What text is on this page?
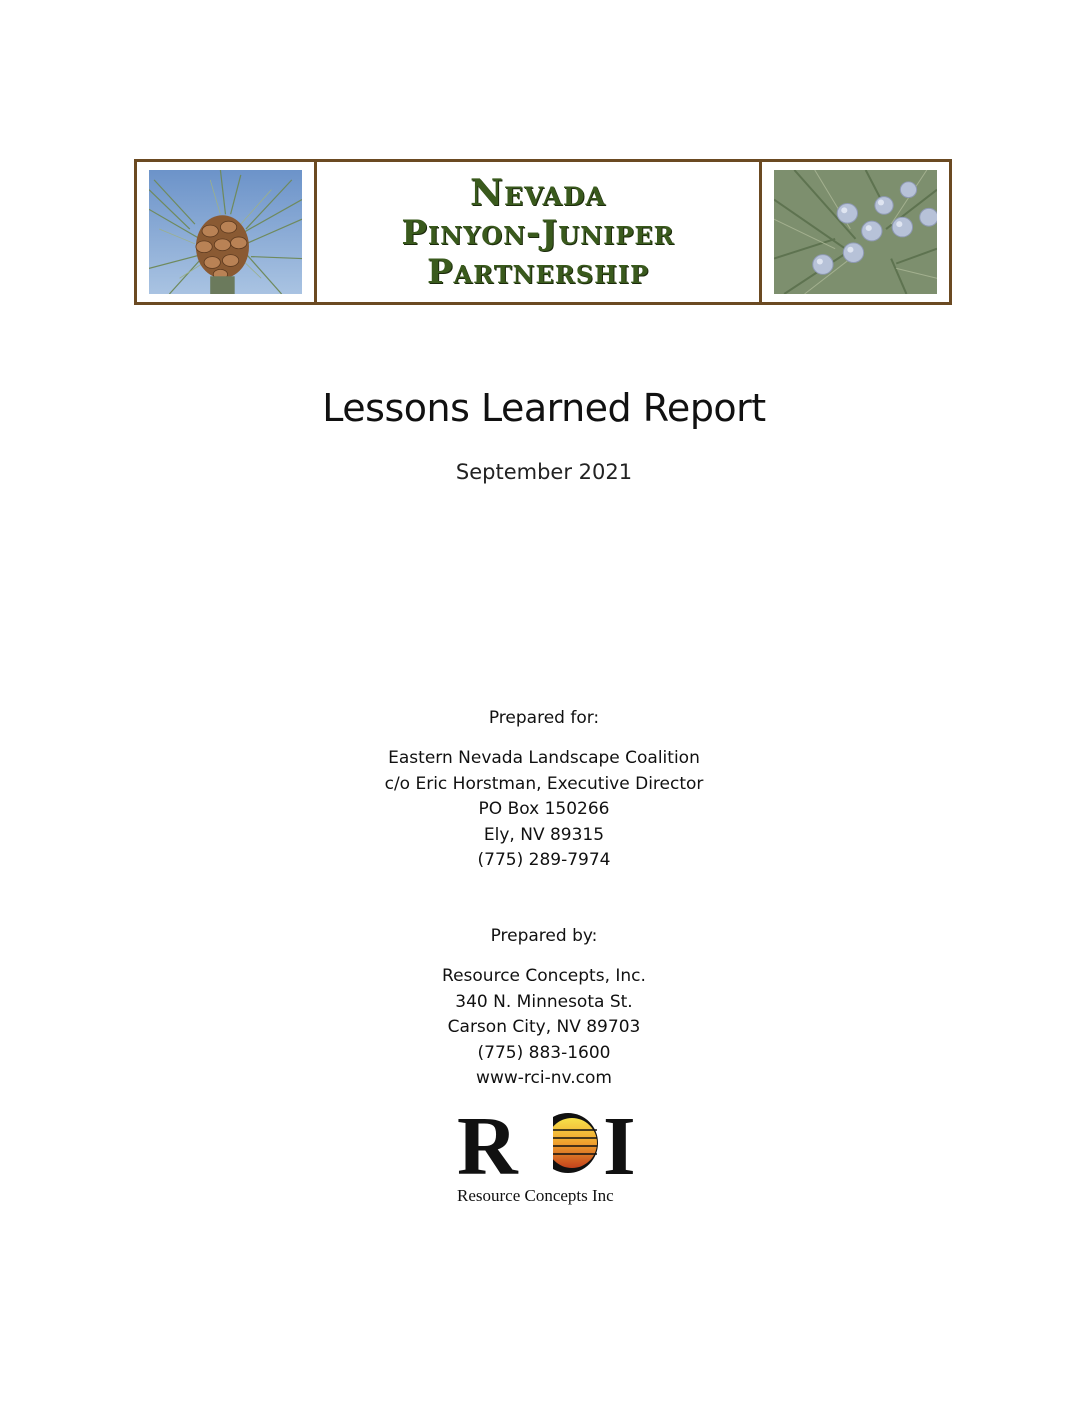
Nevada
Pinyon-Juniper
Partnership
Lessons Learned Report
September 2021
Prepared for:
Eastern Nevada Landscape Coalition
c/o Eric Horstman, Executive Director
PO Box 150266
Ely, NV 89315
(775) 289-7974
Prepared by:
Resource Concepts, Inc.
340 N. Minnesota St.
Carson City, NV 89703
(775) 883-1600
www-rci-nv.com
R I
Resource Concepts Inc
